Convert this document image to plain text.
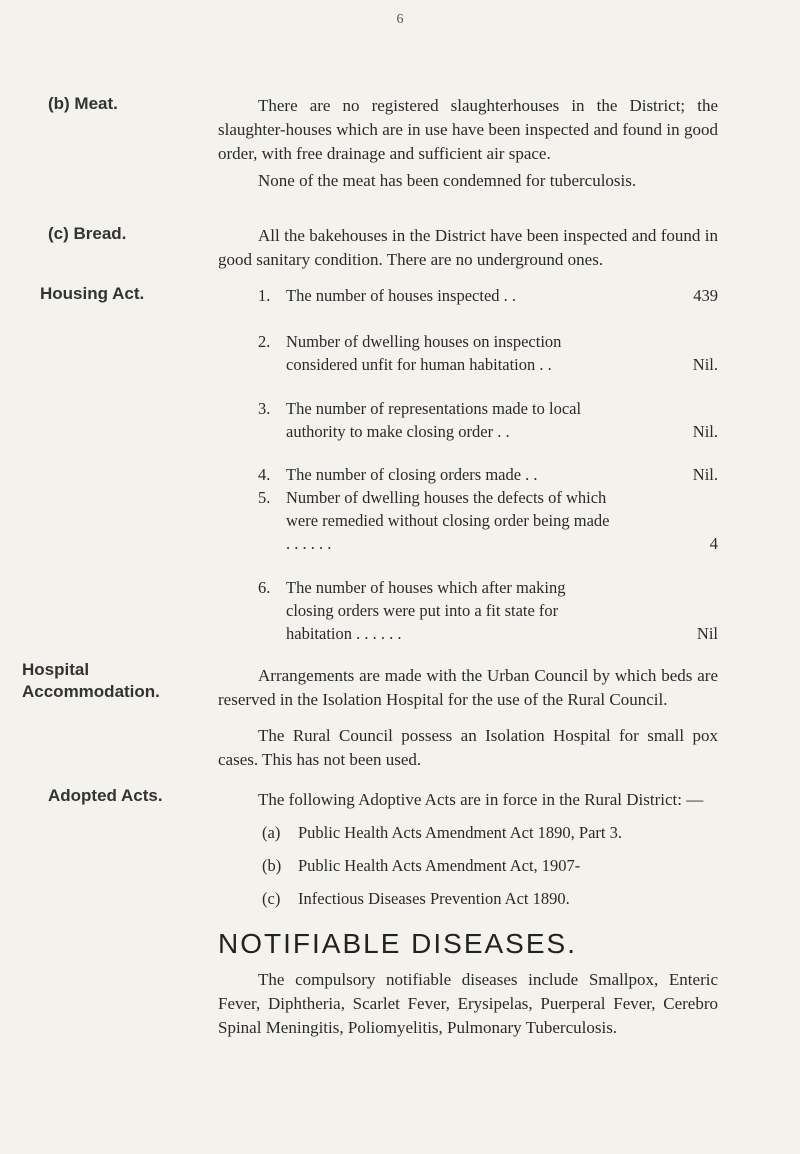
6
(b) Meat.	There are no registered slaughterhouses in the District; the slaughter-houses which are in use have been inspected and found in good order, with free drainage and sufficient air space.
None of the meat has been condemned for tuberculosis.
(c) Bread.	All the bakehouses in the District have been inspected and found in good sanitary condition. There are no underground ones.
Housing Act.	1. The number of houses inspected . .	439
2. Number of dwelling houses on inspection considered unfit for human habitation . .	Nil.
3. The number of representations made to local authority to make closing order . .	Nil.
4. The number of closing orders made . .	Nil.
5. Number of dwelling houses the defects of which were remedied without closing order being made . . . . . .	4
6. The number of houses which after making closing orders were put into a fit state for habitation . . . . . .	Nil
Hospital
Accommodation.
Arrangements are made with the Urban Council by which beds are reserved in the Isolation Hospital for the use of the Rural Council.
The Rural Council possess an Isolation Hospital for small pox cases. This has not been used.
Adopted Acts.	The following Adoptive Acts are in force in the Rural District: —
(a) Public Health Acts Amendment Act 1890, Part 3.
(b) Public Health Acts Amendment Act, 1907-
(c) Infectious Diseases Prevention Act 1890.
NOTIFIABLE DISEASES.
The compulsory notifiable diseases include Smallpox, Enteric Fever, Diphtheria, Scarlet Fever, Erysipelas, Puerperal Fever, Cerebro Spinal Meningitis, Poliomyelitis, Pulmonary Tuberculosis.
